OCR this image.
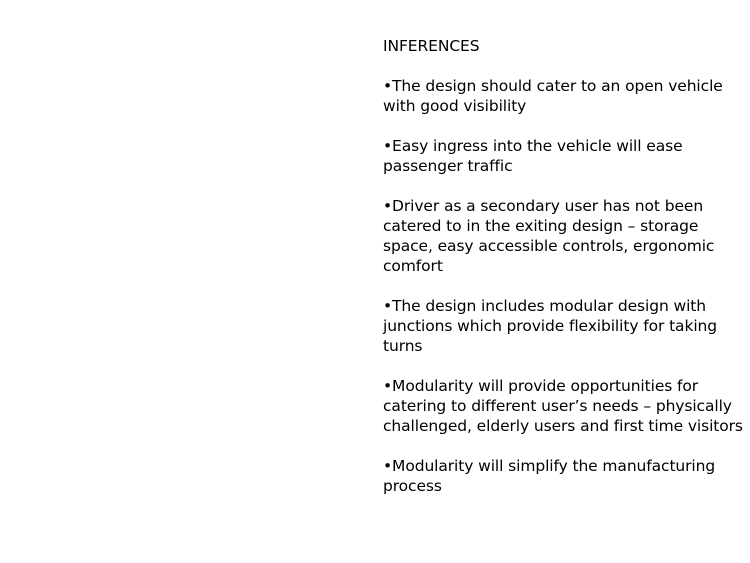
INFERENCES
•The design should cater to an open vehicle with good visibility
•Easy ingress into the vehicle will ease passenger traffic
•Driver as a secondary user has not been catered to in the exiting design – storage space, easy accessible controls, ergonomic comfort
•The design includes modular design with junctions which provide flexibility for taking turns
•Modularity will provide opportunities for catering to different user’s needs – physically challenged, elderly users and first time visitors
•Modularity will simplify the manufacturing process
